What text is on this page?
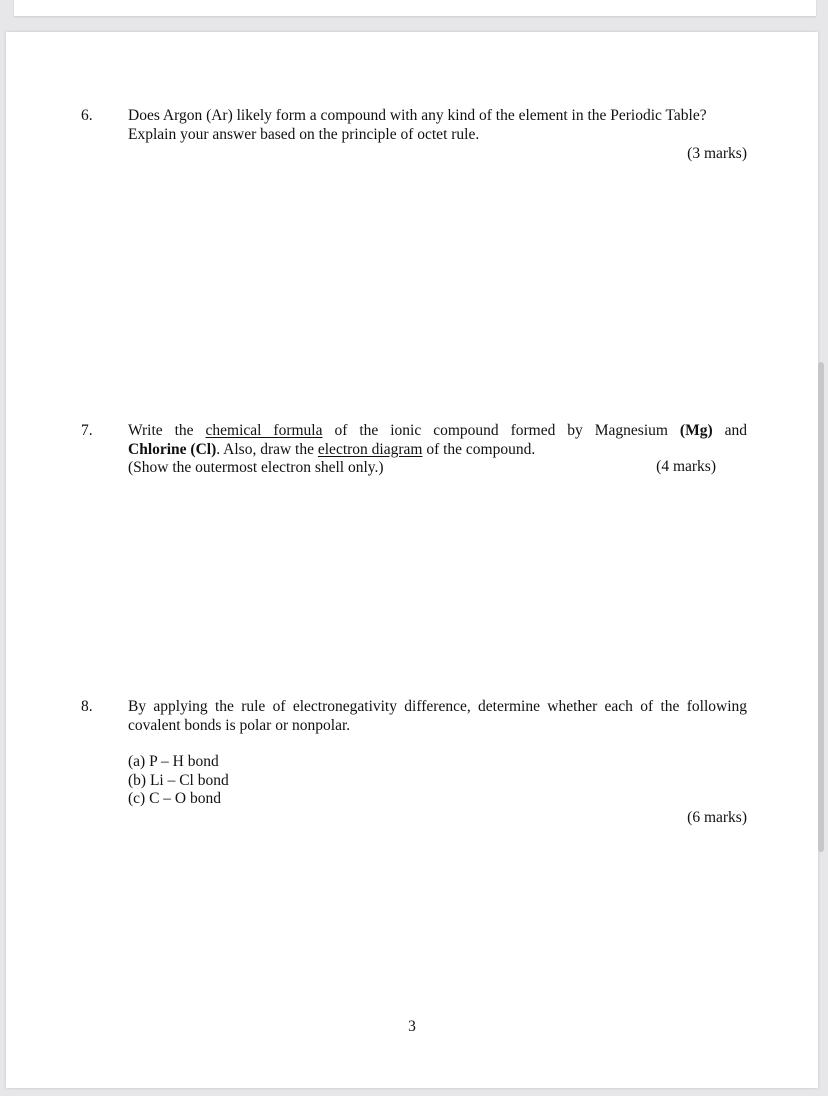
6. Does Argon (Ar) likely form a compound with any kind of the element in the Periodic Table?

Explain your answer based on the principle of octet rule.

(3 marks)
7. Write the chemical formula of the ionic compound formed by Magnesium (Mg) and

Chlorine (Cl). Also, draw the electron diagram of the compound.

(Show the outermost electron shell only.)	(4 marks)
8. By applying the rule of electronegativity difference, determine whether each of the following covalent bonds is polar or nonpolar.

(a) P – H bond

(b) Li – Cl bond

(c) C – O bond

(6 marks)
3
